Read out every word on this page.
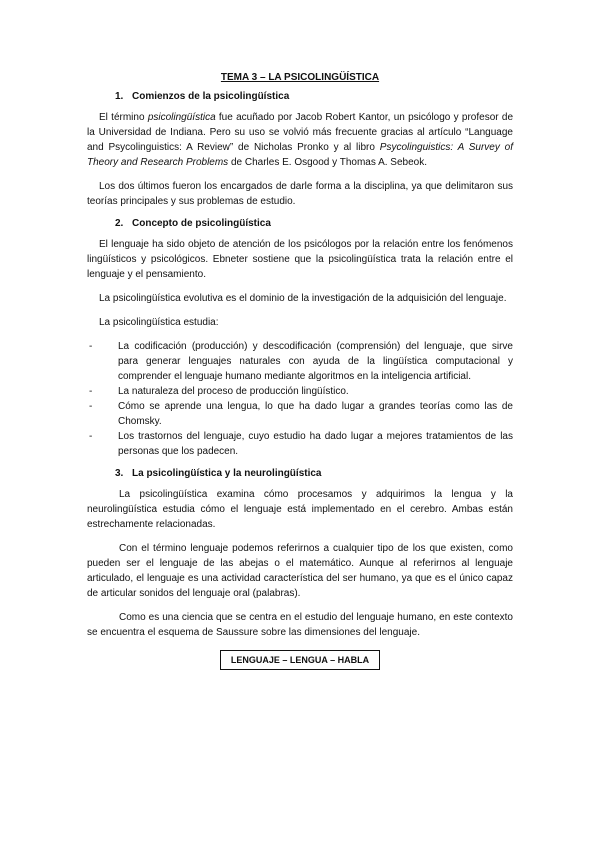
TEMA 3 – LA PSICOLINGÜÍSTICA
1. Comienzos de la psicolingüística

El término psicolingüística fue acuñado por Jacob Robert Kantor, un psicólogo y profesor de la Universidad de Indiana. Pero su uso se volvió más frecuente gracias al artículo “Language and Psycolinguistics: A Review” de Nicholas Pronko y al libro Psycolinguistics: A Survey of Theory and Research Problems de Charles E. Osgood y Thomas A. Sebeok.

Los dos últimos fueron los encargados de darle forma a la disciplina, ya que delimitaron sus teorías principales y sus problemas de estudio.

2. Concepto de psicolingüística

El lenguaje ha sido objeto de atención de los psicólogos por la relación entre los fenómenos lingüísticos y psicológicos. Ebneter sostiene que la psicolingüística trata la relación entre el lenguaje y el pensamiento.

La psicolingüística evolutiva es el dominio de la investigación de la adquisición del lenguaje.

La psicolingüística estudia:

-	La codificación (producción) y descodificación (comprensión) del lenguaje, que sirve para generar lenguajes naturales con ayuda de la lingüística computacional y comprender el lenguaje humano mediante algoritmos en la inteligencia artificial.
-	La naturaleza del proceso de producción lingüístico.
-	Cómo se aprende una lengua, lo que ha dado lugar a grandes teorías como las de Chomsky.
-	Los trastornos del lenguaje, cuyo estudio ha dado lugar a mejores tratamientos de las personas que los padecen.
3. La psicolingüística y la neurolingüística

La psicolingüística examina cómo procesamos y adquirimos la lengua y la neurolingüística estudia cómo el lenguaje está implementado en el cerebro. Ambas están estrechamente relacionadas.

Con el término lenguaje podemos referirnos a cualquier tipo de los que existen, como pueden ser el lenguaje de las abejas o el matemático. Aunque al referirnos al lenguaje articulado, el lenguaje es una actividad característica del ser humano, ya que es el único capaz de articular sonidos del lenguaje oral (palabras).

Como es una ciencia que se centra en el estudio del lenguaje humano, en este contexto se encuentra el esquema de Saussure sobre las dimensiones del lenguaje.

LENGUAJE – LENGUA – HABLA
